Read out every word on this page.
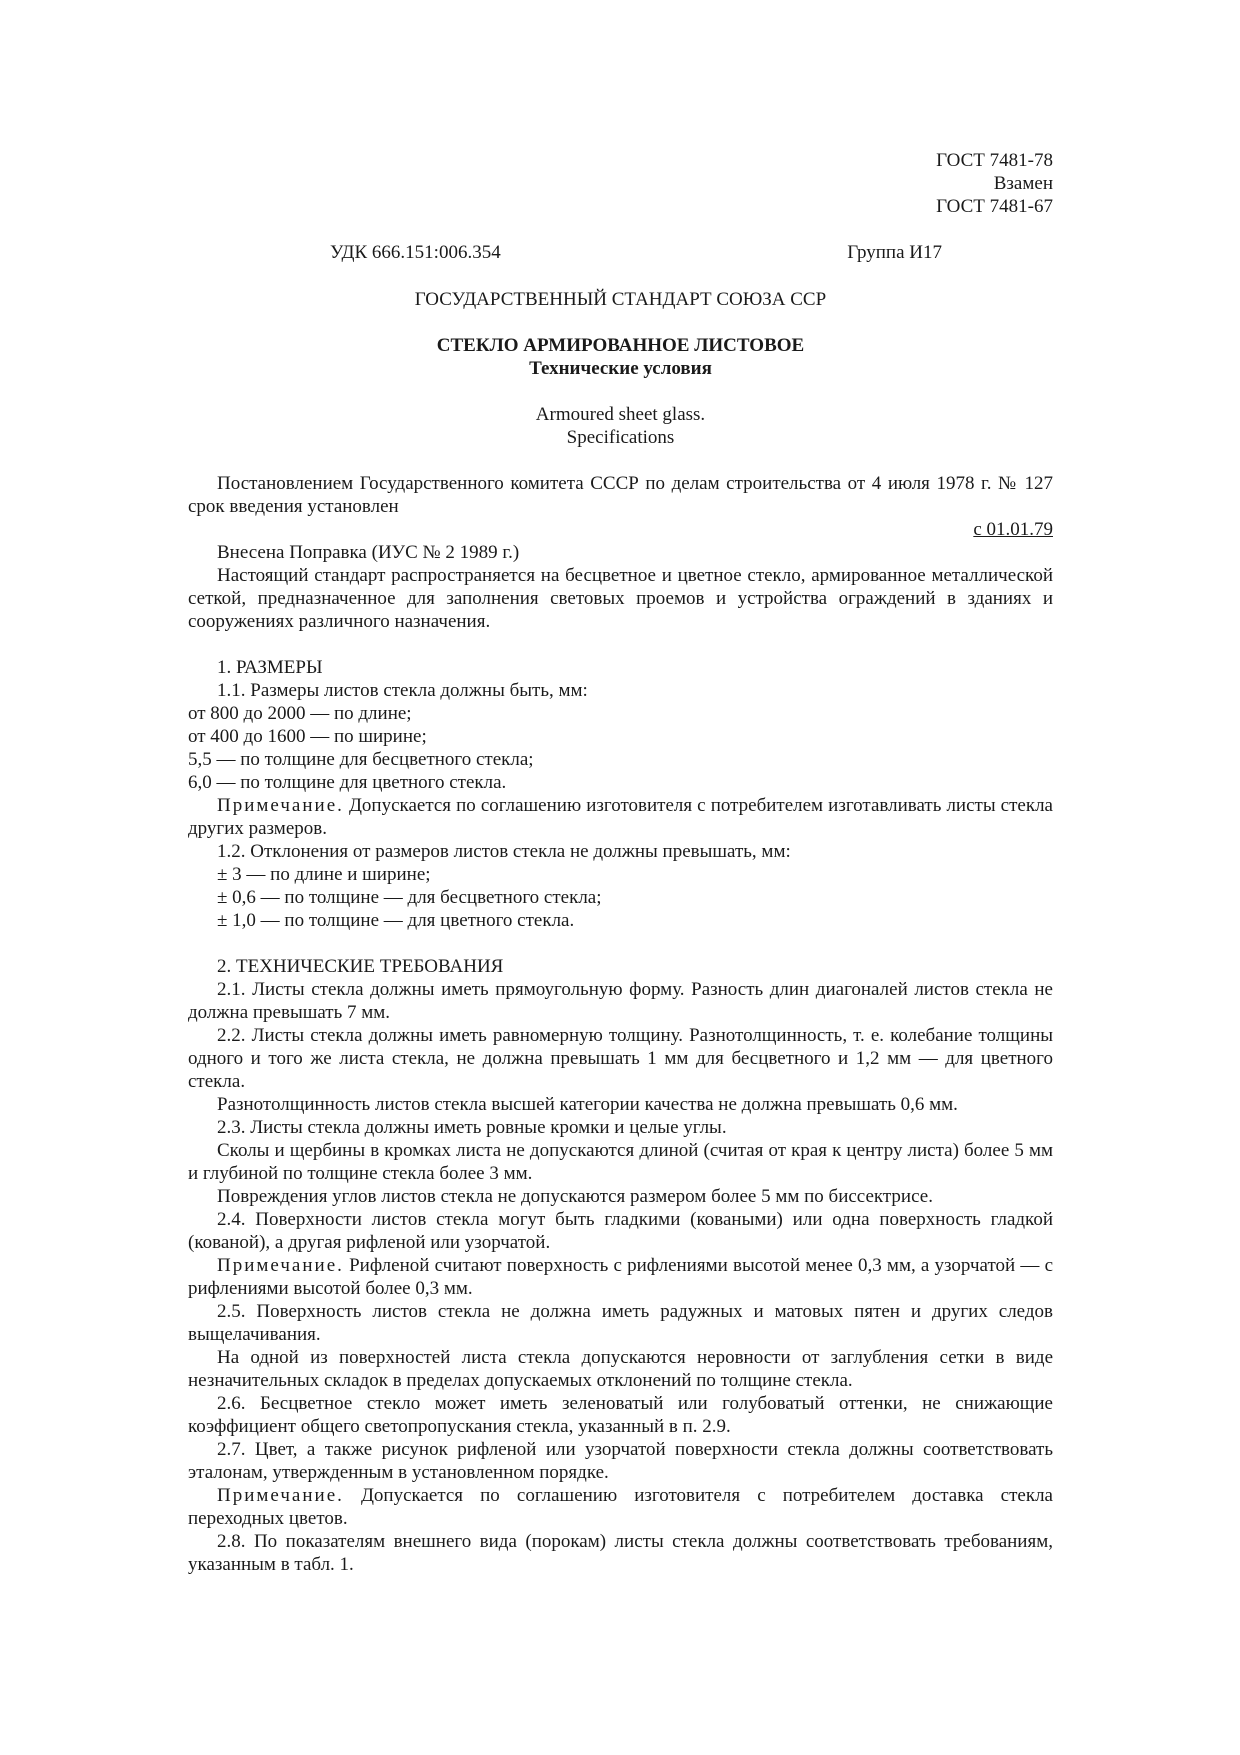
ГОСТ 7481-78
Взамен
ГОСТ 7481-67
УДК 666.151:006.354	Группа И17
ГОСУДАРСТВЕННЫЙ СТАНДАРТ СОЮЗА ССР
СТЕКЛО АРМИРОВАННОЕ ЛИСТОВОЕ
Технические условия
Armoured sheet glass.
Specifications

Постановлением Государственного комитета СССР по делам строительства от 4 июля 1978 г. № 127 срок введения установлен

с 01.01.79

Внесена Поправка (ИУС № 2 1989 г.)

Настоящий стандарт распространяется на бесцветное и цветное стекло, армированное металлической сеткой, предназначенное для заполнения световых проемов и устройства ограждений в зданиях и сооружениях различного назначения.

1. РАЗМЕРЫ

1.1. Размеры листов стекла должны быть, мм:

от 800 до 2000 — по длине;

от 400 до 1600 — по ширине;

5,5 — по толщине для бесцветного стекла;

6,0 — по толщине для цветного стекла.

Примечание. Допускается по соглашению изготовителя с потребителем изготавливать листы стекла других размеров.

1.2. Отклонения от размеров листов стекла не должны превышать, мм:

± 3 — по длине и ширине;

± 0,6 — по толщине — для бесцветного стекла;

± 1,0 — по толщине — для цветного стекла.

2. ТЕХНИЧЕСКИЕ ТРЕБОВАНИЯ

2.1. Листы стекла должны иметь прямоугольную форму. Разность длин диагоналей листов стекла не должна превышать 7 мм.

2.2. Листы стекла должны иметь равномерную толщину. Разнотолщинность, т. е. колебание толщины одного и того же листа стекла, не должна превышать 1 мм для бесцветного и 1,2 мм — для цветного стекла.

Разнотолщинность листов стекла высшей категории качества не должна превышать 0,6 мм.

2.3. Листы стекла должны иметь ровные кромки и целые углы.

Сколы и щербины в кромках листа не допускаются длиной (считая от края к центру листа) более 5 мм и глубиной по толщине стекла более 3 мм.

Повреждения углов листов стекла не допускаются размером более 5 мм по биссектрисе.

2.4. Поверхности листов стекла могут быть гладкими (коваными) или одна поверхность гладкой (кованой), а другая рифленой или узорчатой.

Примечание. Рифленой считают поверхность с рифлениями высотой менее 0,3 мм, а узорчатой — с рифлениями высотой более 0,3 мм.

2.5. Поверхность листов стекла не должна иметь радужных и матовых пятен и других следов выщелачивания.

На одной из поверхностей листа стекла допускаются неровности от заглубления сетки в виде незначительных складок в пределах допускаемых отклонений по толщине стекла.

2.6. Бесцветное стекло может иметь зеленоватый или голубоватый оттенки, не снижающие коэффициент общего светопропускания стекла, указанный в п. 2.9.

2.7. Цвет, а также рисунок рифленой или узорчатой поверхности стекла должны соответствовать эталонам, утвержденным в установленном порядке.

Примечание. Допускается по соглашению изготовителя с потребителем доставка стекла переходных цветов.

2.8. По показателям внешнего вида (порокам) листы стекла должны соответствовать требованиям, указанным в табл. 1.
